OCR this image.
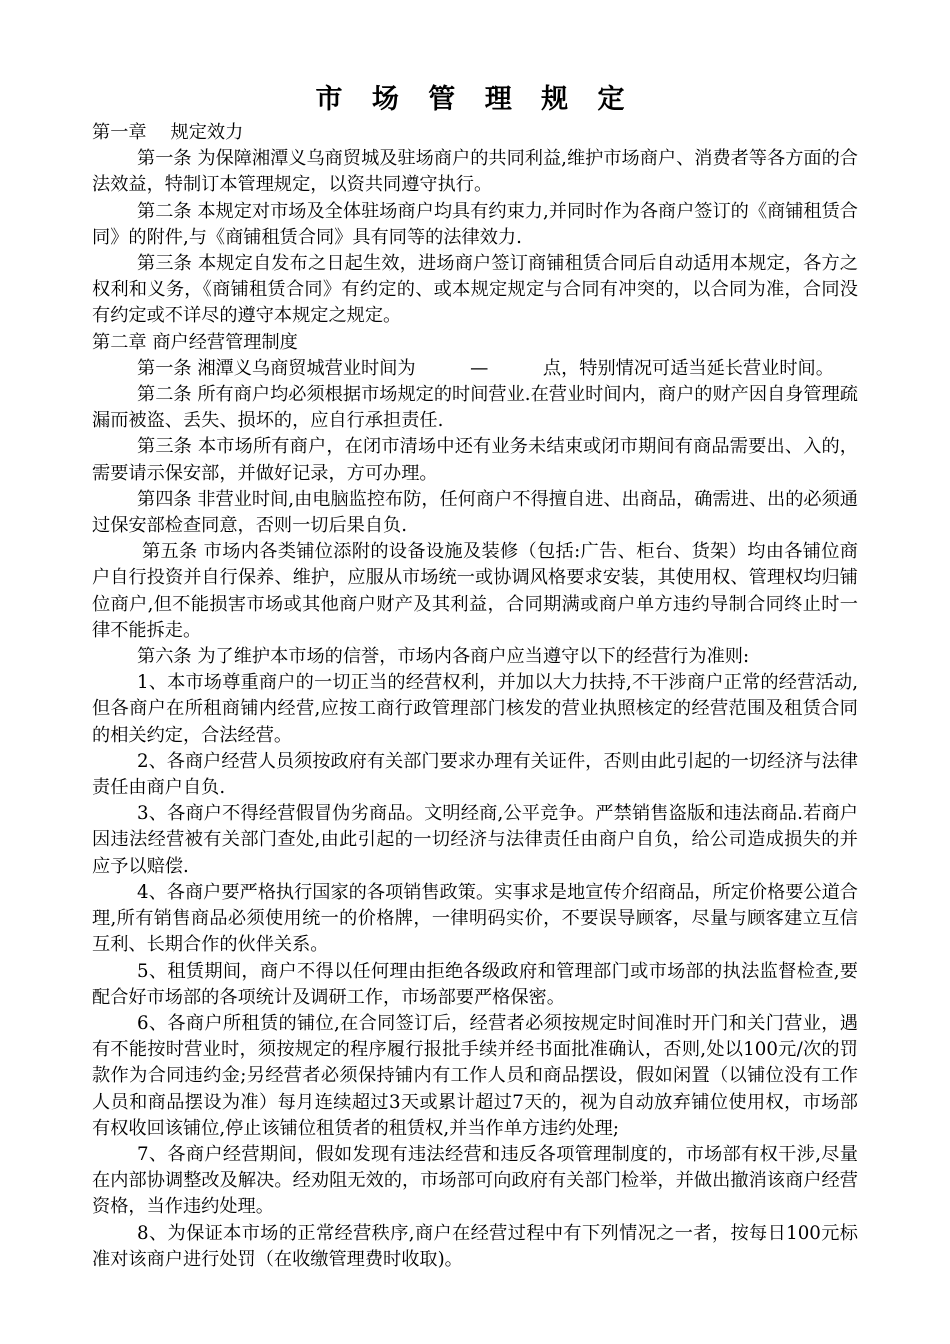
市 场 管 理 规 定

第一章　 规定效力

第一条 为保障湘潭义乌商贸城及驻场商户的共同利益,维护市场商户、消费者等各方面的合法效益，特制订本管理规定，以资共同遵守执行。

第二条 本规定对市场及全体驻场商户均具有约束力,并同时作为各商户签订的《商铺租赁合同》的附件,与《商铺租赁合同》具有同等的法律效力.

第三条 本规定自发布之日起生效，进场商户签订商铺租赁合同后自动适用本规定，各方之权利和义务，《商铺租赁合同》有约定的、或本规定规定与合同有冲突的，以合同为准，合同没有约定或不详尽的遵守本规定之规定。

第二章 商户经营管理制度

第一条 湘潭义乌商贸城营业时间为　　　—　　　点，特别情况可适当延长营业时间。

第二条 所有商户均必须根据市场规定的时间营业.在营业时间内，商户的财产因自身管理疏漏而被盗、丢失、损坏的，应自行承担责任.

第三条 本市场所有商户，在闭市清场中还有业务未结束或闭市期间有商品需要出、入的，需要请示保安部，并做好记录，方可办理。

第四条 非营业时间,由电脑监控布防，任何商户不得擅自进、出商品，确需进、出的必须通过保安部检查同意，否则一切后果自负.

第五条 市场内各类铺位添附的设备设施及装修（包括:广告、柜台、货架）均由各铺位商户自行投资并自行保养、维护，应服从市场统一或协调风格要求安装，其使用权、管理权均归铺位商户,但不能损害市场或其他商户财产及其利益，合同期满或商户单方违约导制合同终止时一律不能拆走。

第六条 为了维护本市场的信誉，市场内各商户应当遵守以下的经营行为准则:

1、本市场尊重商户的一切正当的经营权利，并加以大力扶持,不干涉商户正常的经营活动,但各商户在所租商铺内经营,应按工商行政管理部门核发的营业执照核定的经营范围及租赁合同的相关约定，合法经营。

2、各商户经营人员须按政府有关部门要求办理有关证件，否则由此引起的一切经济与法律责任由商户自负.

3、各商户不得经营假冒伪劣商品。文明经商,公平竞争。严禁销售盗版和违法商品.若商户因违法经营被有关部门查处,由此引起的一切经济与法律责任由商户自负，给公司造成损失的并应予以赔偿.

4、各商户要严格执行国家的各项销售政策。实事求是地宣传介绍商品，所定价格要公道合理,所有销售商品必须使用统一的价格牌，一律明码实价，不要误导顾客，尽量与顾客建立互信互利、长期合作的伙伴关系。

5、租赁期间，商户不得以任何理由拒绝各级政府和管理部门或市场部的执法监督检查,要配合好市场部的各项统计及调研工作，市场部要严格保密。

6、各商户所租赁的铺位,在合同签订后，经营者必须按规定时间准时开门和关门营业，遇有不能按时营业时，须按规定的程序履行报批手续并经书面批准确认，否则,处以100元/次的罚款作为合同违约金;另经营者必须保持铺内有工作人员和商品摆设，假如闲置（以铺位没有工作人员和商品摆设为准）每月连续超过3天或累计超过7天的，视为自动放弃铺位使用权，市场部有权收回该铺位,停止该铺位租赁者的租赁权,并当作单方违约处理;

7、各商户经营期间，假如发现有违法经营和违反各项管理制度的，市场部有权干涉,尽量在内部协调整改及解决。经劝阻无效的，市场部可向政府有关部门检举，并做出撤消该商户经营资格，当作违约处理。

8、为保证本市场的正常经营秩序,商户在经营过程中有下列情况之一者，按每日100元标准对该商户进行处罚（在收缴管理费时收取)。
